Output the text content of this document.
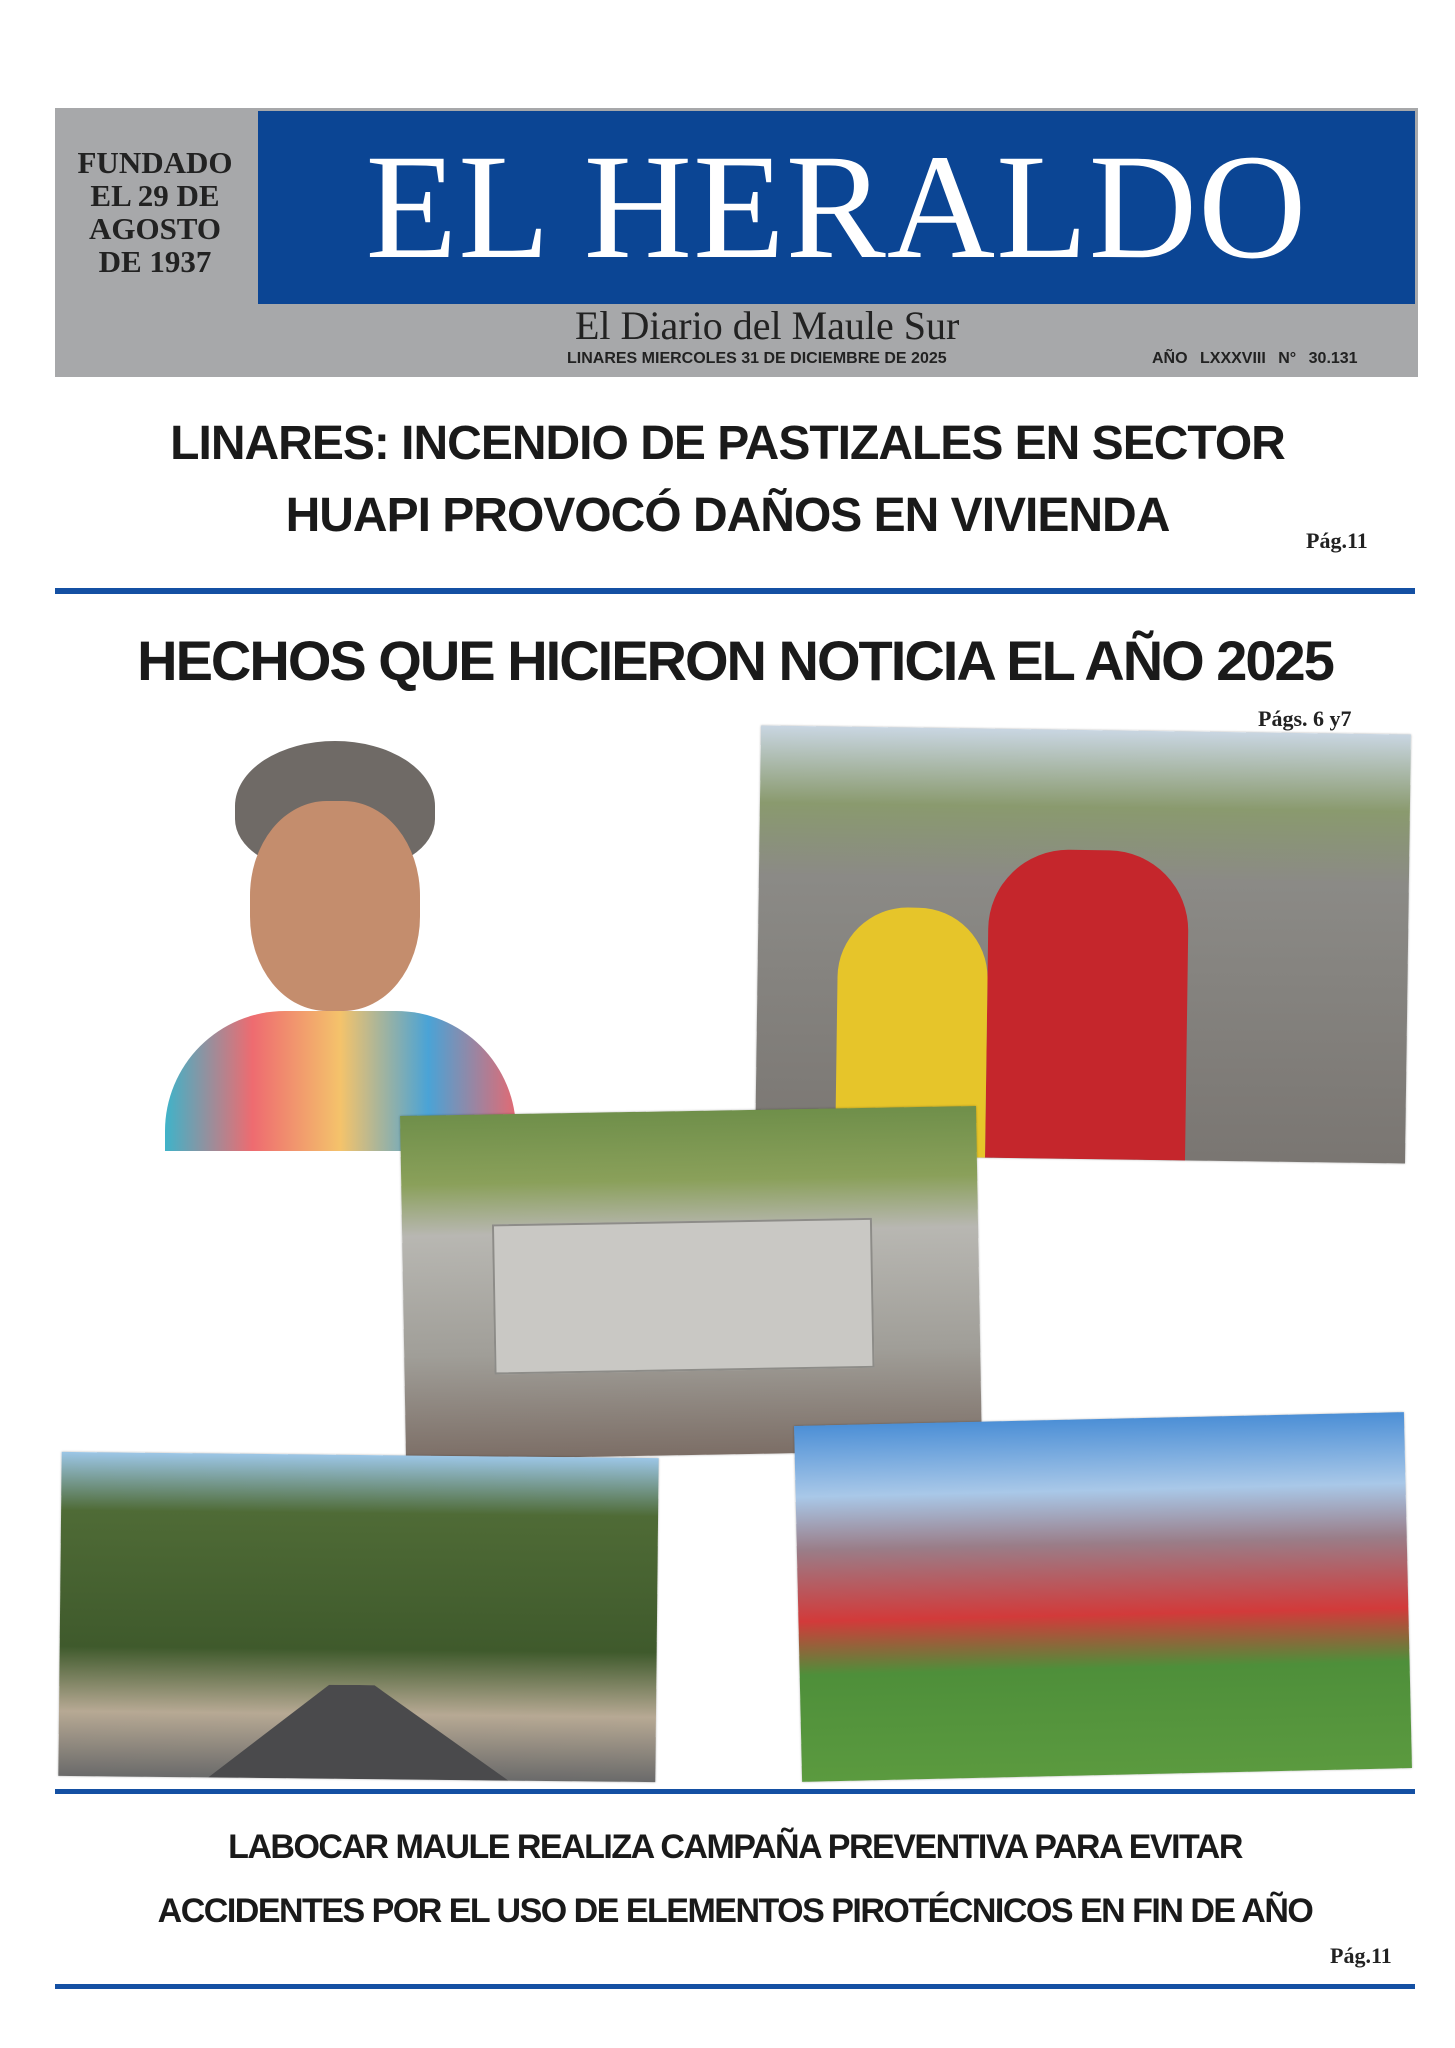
FUNDADO
EL 29 DE
AGOSTO
DE 1937	EL HERALDO
El Diario del Maule Sur
LINARES MIERCOLES 31 DE DICIEMBRE DE 2025	AÑO LXXXVIII N° 30.131
LINARES: INCENDIO DE PASTIZALES EN SECTOR
HUAPI PROVOCÓ DAÑOS EN VIVIENDA	Pág.11
HECHOS QUE HICIERON NOTICIA EL AÑO 2025
Págs. 6 y7
LABOCAR MAULE REALIZA CAMPAÑA PREVENTIVA PARA EVITAR
ACCIDENTES POR EL USO DE ELEMENTOS PIROTÉCNICOS EN FIN DE AÑO
Pág.11
